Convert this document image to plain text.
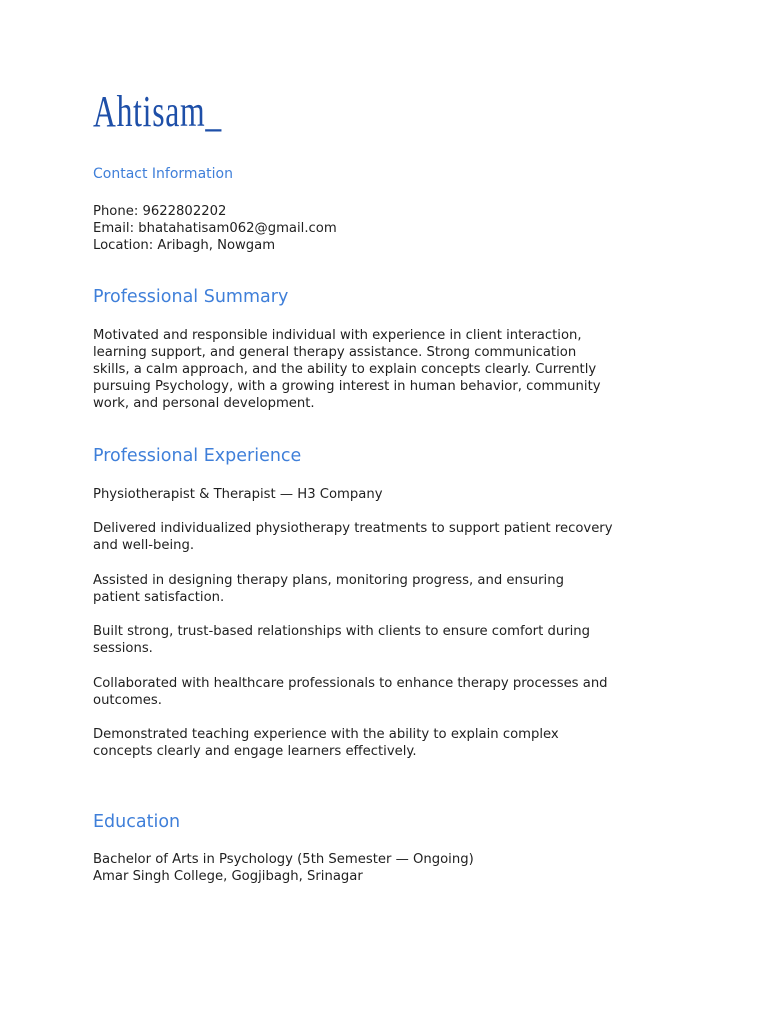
Ahtisam_
Contact Information
Phone: 9622802202
Email: bhatahatisam062@gmail.com
Location: Aribagh, Nowgam
Professional Summary
Motivated and responsible individual with experience in client interaction,
learning support, and general therapy assistance. Strong communication
skills, a calm approach, and the ability to explain concepts clearly. Currently
pursuing Psychology, with a growing interest in human behavior, community
work, and personal development.
Professional Experience
Physiotherapist & Therapist — H3 Company
Delivered individualized physiotherapy treatments to support patient recovery
and well-being.
Assisted in designing therapy plans, monitoring progress, and ensuring
patient satisfaction.
Built strong, trust-based relationships with clients to ensure comfort during
sessions.
Collaborated with healthcare professionals to enhance therapy processes and
outcomes.
Demonstrated teaching experience with the ability to explain complex
concepts clearly and engage learners effectively.
Education
Bachelor of Arts in Psychology (5th Semester — Ongoing)
Amar Singh College, Gogjibagh, Srinagar
